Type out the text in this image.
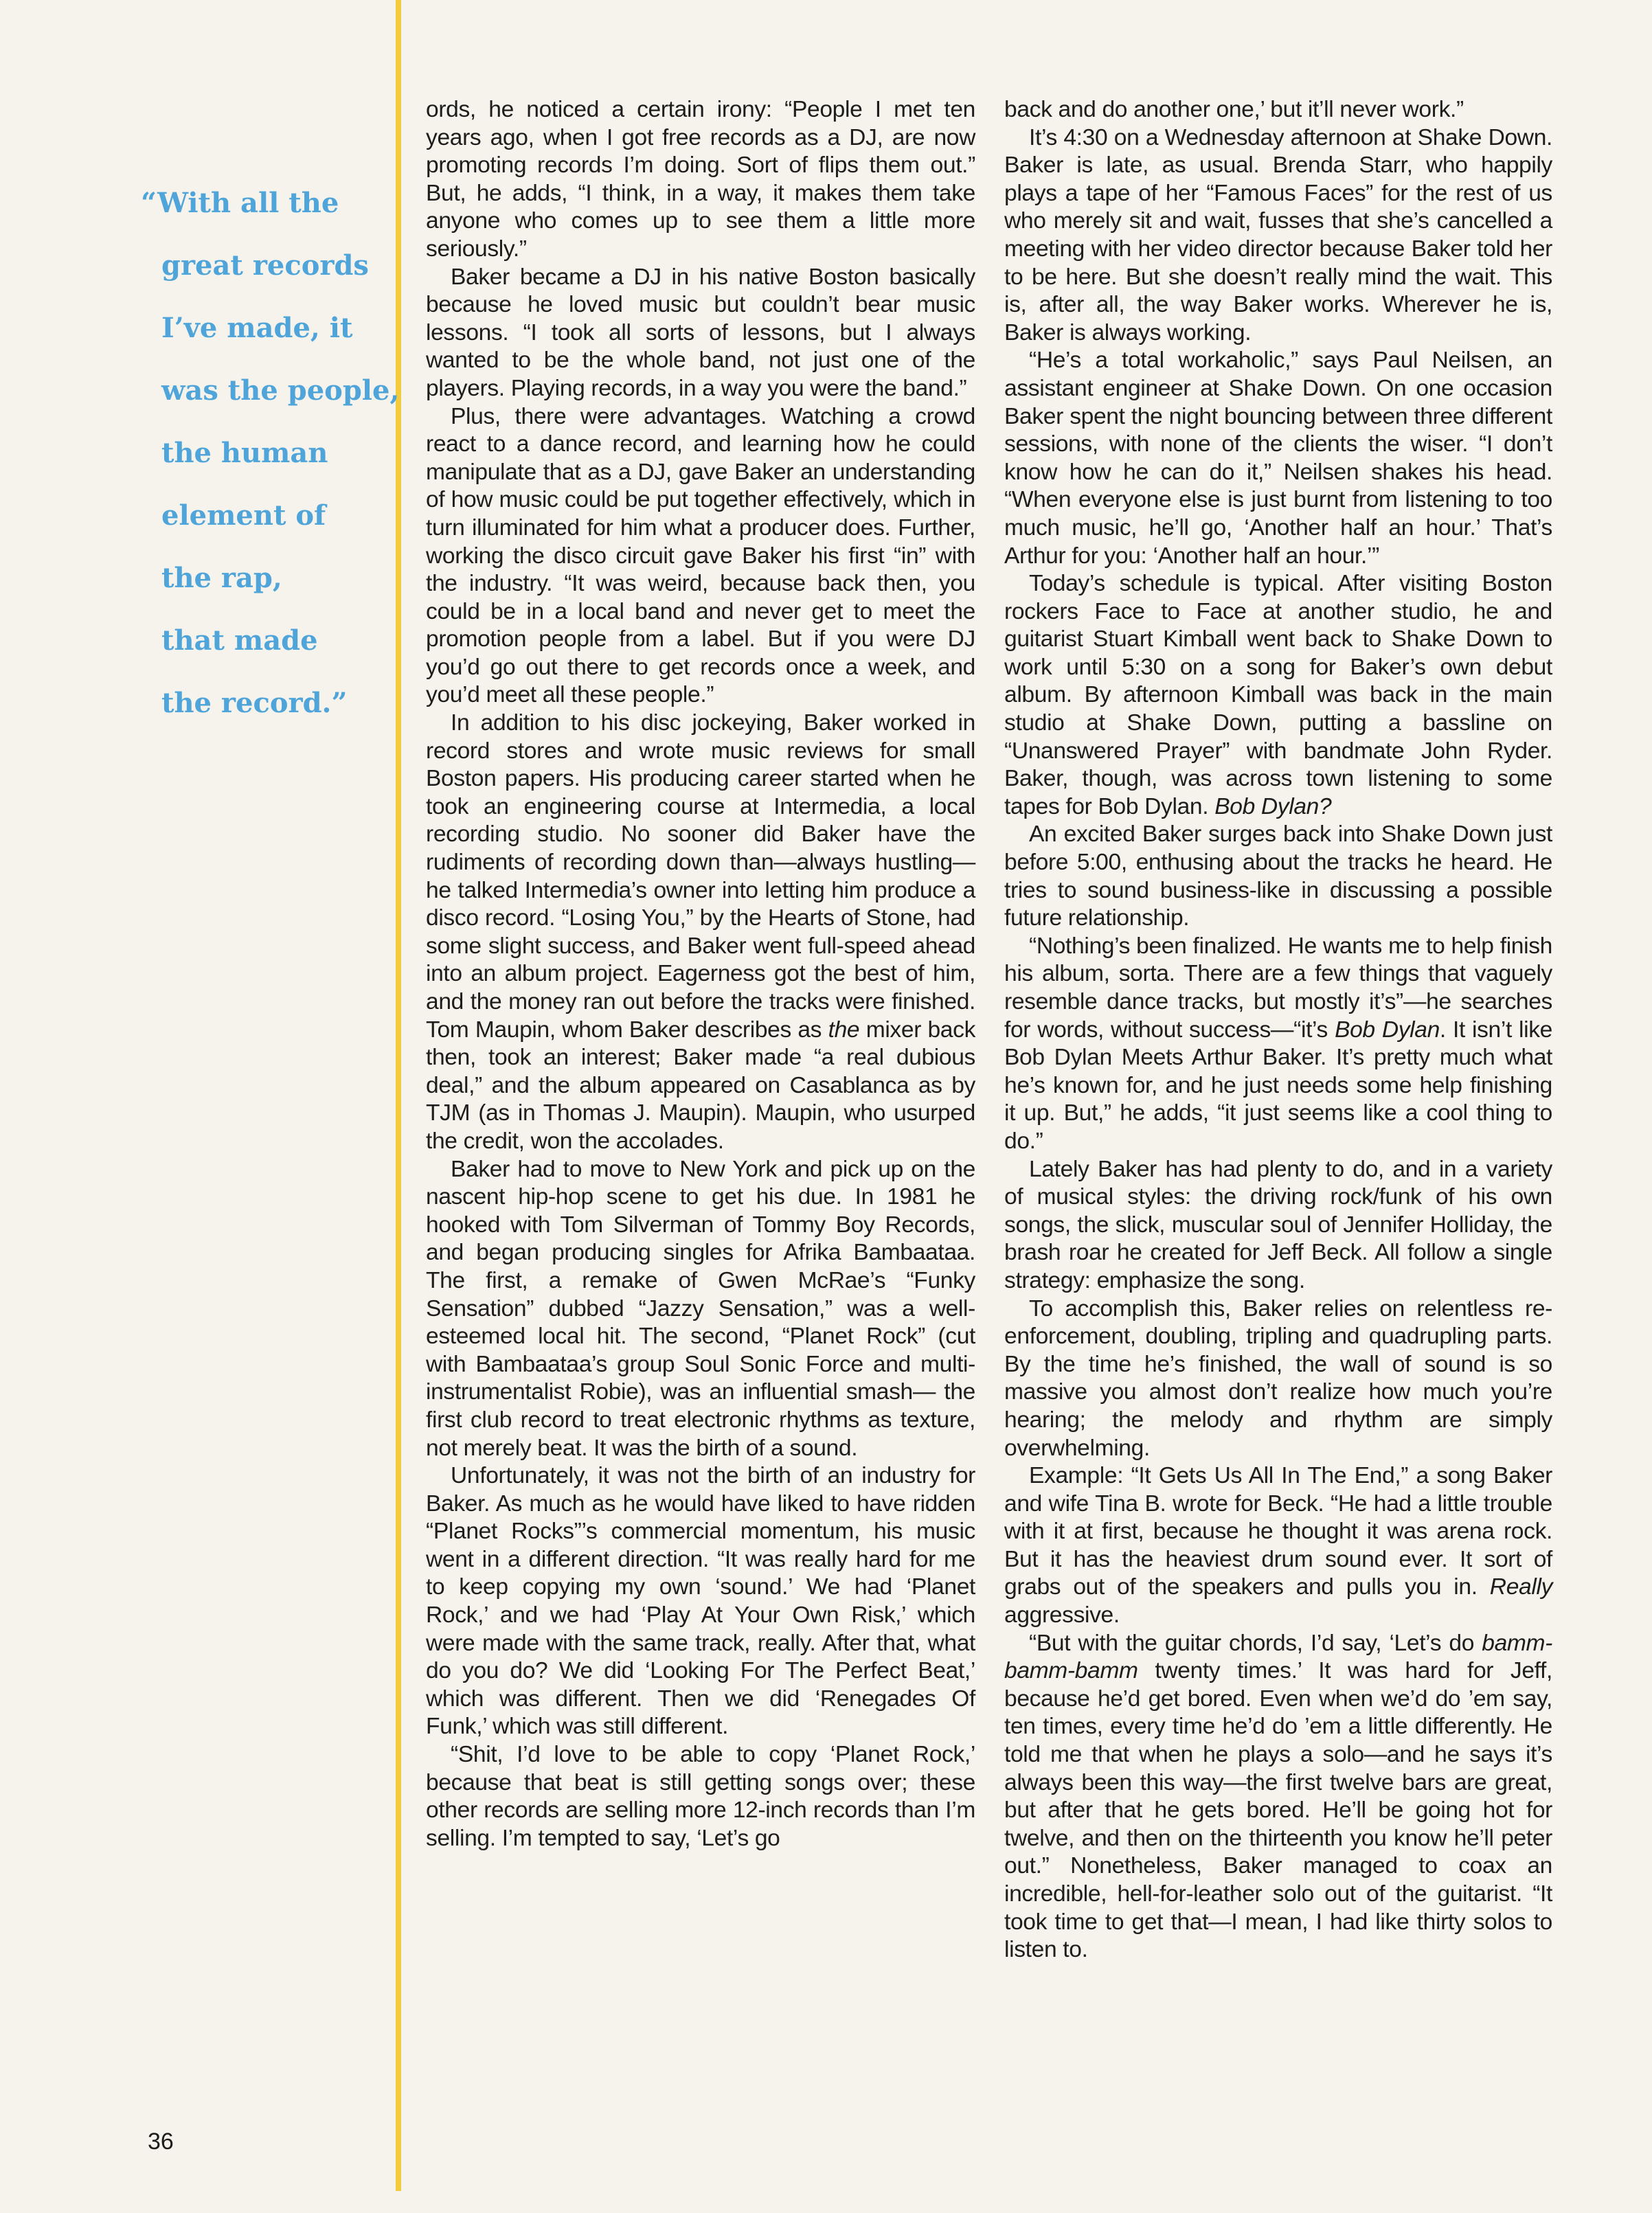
“With all the
great records
I’ve made, it
was the people,
the human
element of
the rap,
that made
the record.”

ords, he noticed a certain irony: “People I met ten years ago, when I got free records as a DJ, are now promoting records I’m doing. Sort of flips them out.” But, he adds, “I think, in a way, it makes them take anyone who comes up to see them a little more seriously.”

Baker became a DJ in his native Boston basically because he loved music but couldn’t bear music lessons. “I took all sorts of lessons, but I always wanted to be the whole band, not just one of the players. Playing records, in a way you were the band.”

Plus, there were advantages. Watching a crowd react to a dance record, and learning how he could manipulate that as a DJ, gave Baker an understanding of how music could be put together effectively, which in turn illuminated for him what a producer does. Further, working the disco circuit gave Baker his first “in” with the industry. “It was weird, because back then, you could be in a local band and never get to meet the promotion people from a label. But if you were DJ you’d go out there to get records once a week, and you’d meet all these people.”

In addition to his disc jockeying, Baker worked in record stores and wrote music reviews for small Boston papers. His producing career started when he took an engineering course at Intermedia, a local recording studio. No sooner did Baker have the rudiments of recording down than—always hustling—he talked Intermedia’s owner into letting him produce a disco record. “Losing You,” by the Hearts of Stone, had some slight success, and Baker went full-speed ahead into an album project. Eagerness got the best of him, and the money ran out before the tracks were finished. Tom Maupin, whom Baker describes as the mixer back then, took an interest; Baker made “a real dubious deal,” and the album appeared on Casablanca as by TJM (as in Thomas J. Maupin). Maupin, who usurped the credit, won the accolades.

Baker had to move to New York and pick up on the nascent hip-hop scene to get his due. In 1981 he hooked with Tom Silverman of Tommy Boy Records, and began producing singles for Afrika Bambaataa. The first, a remake of Gwen McRae’s “Funky Sensation” dubbed “Jazzy Sensation,” was a well-esteemed local hit. The second, “Planet Rock” (cut with Bambaataa’s group Soul Sonic Force and multi-instrumentalist Robie), was an influential smash— the first club record to treat electronic rhythms as texture, not merely beat. It was the birth of a sound.

Unfortunately, it was not the birth of an industry for Baker. As much as he would have liked to have ridden “Planet Rocks”’s commercial momentum, his music went in a different direction. “It was really hard for me to keep copying my own ‘sound.’ We had ‘Planet Rock,’ and we had ‘Play At Your Own Risk,’ which were made with the same track, really. After that, what do you do? We did ‘Looking For The Perfect Beat,’ which was different. Then we did ‘Renegades Of Funk,’ which was still different.

“Shit, I’d love to be able to copy ‘Planet Rock,’ because that beat is still getting songs over; these other records are selling more 12-inch records than I’m selling. I’m tempted to say, ‘Let’s go

back and do another one,’ but it’ll never work.”

It’s 4:30 on a Wednesday afternoon at Shake Down. Baker is late, as usual. Brenda Starr, who happily plays a tape of her “Famous Faces” for the rest of us who merely sit and wait, fusses that she’s cancelled a meeting with her video director because Baker told her to be here. But she doesn’t really mind the wait. This is, after all, the way Baker works. Wherever he is, Baker is always working.

“He’s a total workaholic,” says Paul Neilsen, an assistant engineer at Shake Down. On one occasion Baker spent the night bouncing between three different sessions, with none of the clients the wiser. “I don’t know how he can do it,” Neilsen shakes his head. “When everyone else is just burnt from listening to too much music, he’ll go, ‘Another half an hour.’ That’s Arthur for you: ‘Another half an hour.’”

Today’s schedule is typical. After visiting Boston rockers Face to Face at another studio, he and guitarist Stuart Kimball went back to Shake Down to work until 5:30 on a song for Baker’s own debut album. By afternoon Kimball was back in the main studio at Shake Down, putting a bassline on “Unanswered Prayer” with bandmate John Ryder. Baker, though, was across town listening to some tapes for Bob Dylan. Bob Dylan?

An excited Baker surges back into Shake Down just before 5:00, enthusing about the tracks he heard. He tries to sound business-like in discussing a possible future relationship.

“Nothing’s been finalized. He wants me to help finish his album, sorta. There are a few things that vaguely resemble dance tracks, but mostly it’s”—he searches for words, without success—“it’s Bob Dylan. It isn’t like Bob Dylan Meets Arthur Baker. It’s pretty much what he’s known for, and he just needs some help finishing it up. But,” he adds, “it just seems like a cool thing to do.”

Lately Baker has had plenty to do, and in a variety of musical styles: the driving rock/funk of his own songs, the slick, muscular soul of Jennifer Holliday, the brash roar he created for Jeff Beck. All follow a single strategy: emphasize the song.

To accomplish this, Baker relies on relentless re-enforcement, doubling, tripling and quadrupling parts. By the time he’s finished, the wall of sound is so massive you almost don’t realize how much you’re hearing; the melody and rhythm are simply overwhelming.

Example: “It Gets Us All In The End,” a song Baker and wife Tina B. wrote for Beck. “He had a little trouble with it at first, because he thought it was arena rock. But it has the heaviest drum sound ever. It sort of grabs out of the speakers and pulls you in. Really aggressive.

“But with the guitar chords, I’d say, ‘Let’s do bamm-bamm-bamm twenty times.’ It was hard for Jeff, because he’d get bored. Even when we’d do ’em say, ten times, every time he’d do ’em a little differently. He told me that when he plays a solo—and he says it’s always been this way—the first twelve bars are great, but after that he gets bored. He’ll be going hot for twelve, and then on the thirteenth you know he’ll peter out.” Nonetheless, Baker managed to coax an incredible, hell-for-leather solo out of the guitarist. “It took time to get that—I mean, I had like thirty solos to listen to.

36
